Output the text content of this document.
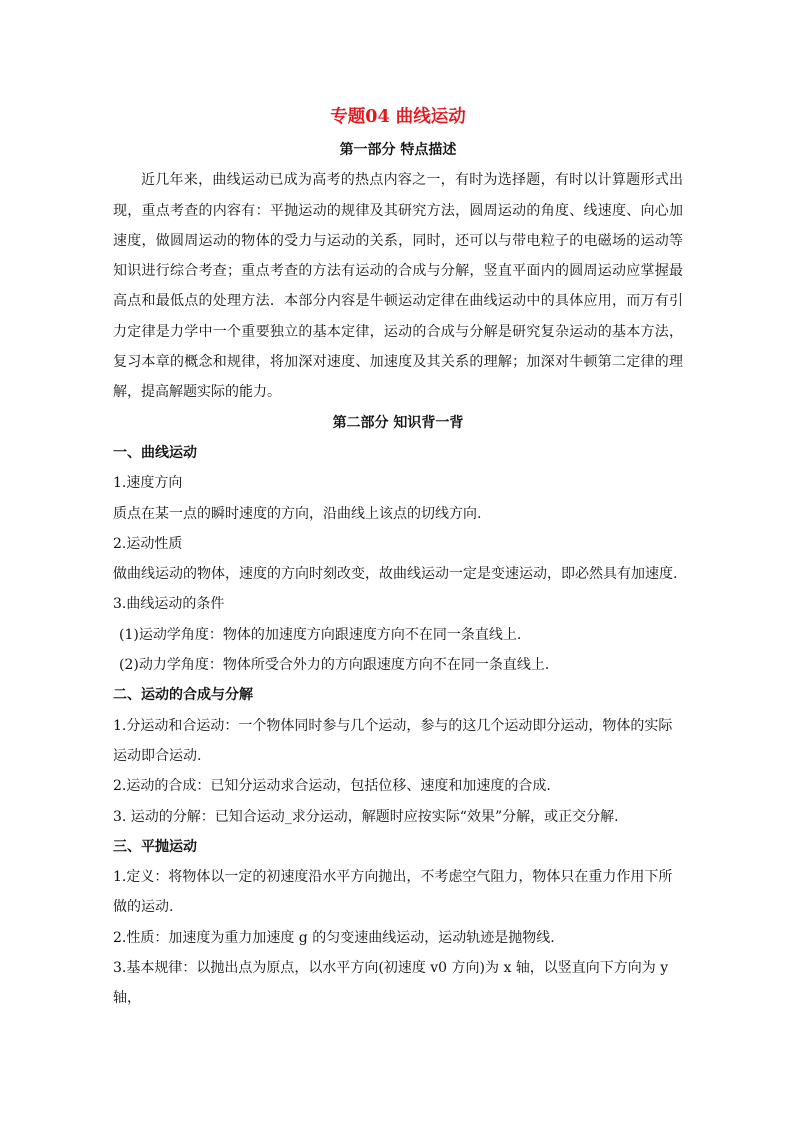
专题04 曲线运动

第一部分 特点描述

近几年来，曲线运动已成为高考的热点内容之一，有时为选择题，有时以计算题形式出现，重点考查的内容有：平抛运动的规律及其研究方法，圆周运动的角度、线速度、向心加速度，做圆周运动的物体的受力与运动的关系，同时，还可以与带电粒子的电磁场的运动等知识进行综合考查；重点考查的方法有运动的合成与分解，竖直平面内的圆周运动应掌握最高点和最低点的处理方法．本部分内容是牛顿运动定律在曲线运动中的具体应用，而万有引力定律是力学中一个重要独立的基本定律，运动的合成与分解是研究复杂运动的基本方法，复习本章的概念和规律，将加深对速度、加速度及其关系的理解；加深对牛顿第二定律的理解，提高解题实际的能力。

第二部分 知识背一背

一、曲线运动

1.速度方向

质点在某一点的瞬时速度的方向，沿曲线上该点的切线方向.

2.运动性质

做曲线运动的物体，速度的方向时刻改变，故曲线运动一定是变速运动，即必然具有加速度.

3.曲线运动的条件

(1)运动学角度：物体的加速度方向跟速度方向不在同一条直线上.

(2)动力学角度：物体所受合外力的方向跟速度方向不在同一条直线上．

二、运动的合成与分解

1.分运动和合运动：一个物体同时参与几个运动，参与的这几个运动即分运动，物体的实际运动即合运动.

2.运动的合成：已知分运动求合运动，包括位移、速度和加速度的合成.

3. 运动的分解：已知合运动_求分运动，解题时应按实际“效果”分解，或正交分解.

三、平抛运动

1.定义：将物体以一定的初速度沿水平方向抛出，不考虑空气阻力，物体只在重力作用下所做的运动.

2.性质：加速度为重力加速度 g 的匀变速曲线运动，运动轨迹是抛物线.

3.基本规律：以抛出点为原点，以水平方向(初速度 v0 方向)为 x 轴，以竖直向下方向为 y 轴，
